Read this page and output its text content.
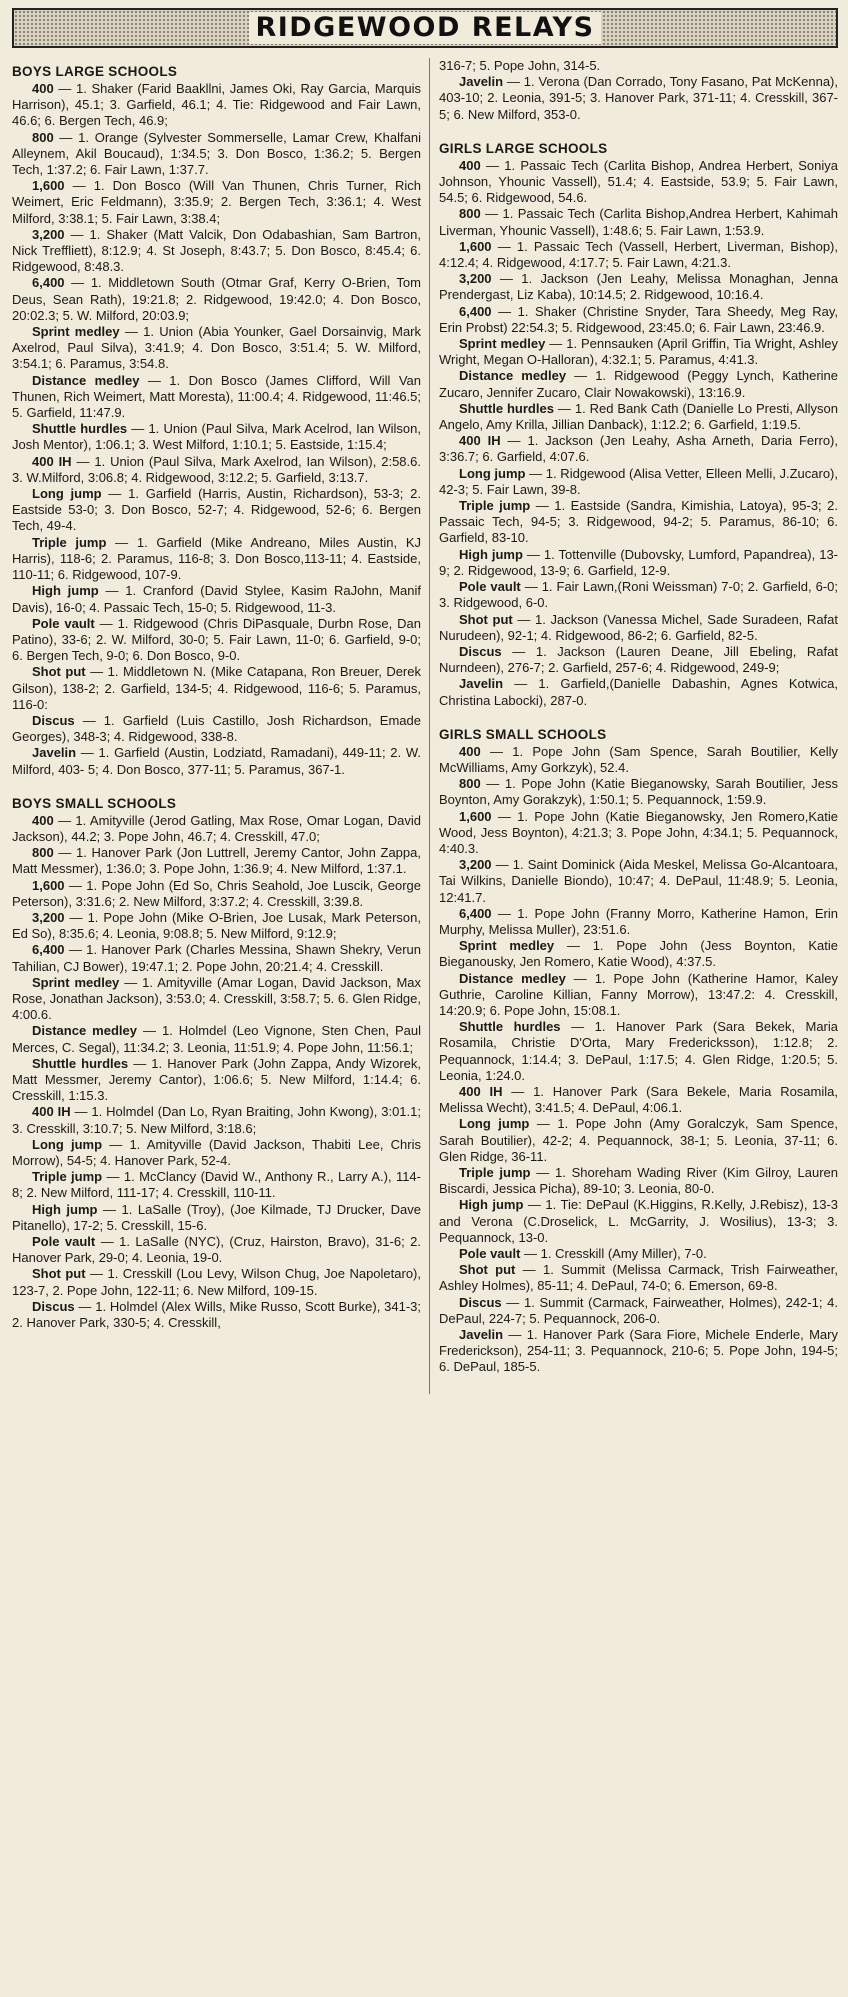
RIDGEWOOD RELAYS
BOYS LARGE SCHOOLS

400 — 1. Shaker (Farid Baakllni, James Oki, Ray Garcia, Marquis Harrison), 45.1; 3. Garfield, 46.1; 4. Tie: Ridgewood and Fair Lawn, 46.6; 6. Bergen Tech, 46.9;

800 — 1. Orange (Sylvester Sommerselle, Lamar Crew, Khalfani Alleynem, Akil Boucaud), 1:34.5; 3. Don Bosco, 1:36.2; 5. Bergen Tech, 1:37.2; 6. Fair Lawn, 1:37.7.

1,600 — 1. Don Bosco (Will Van Thunen, Chris Turner, Rich Weimert, Eric Feldmann), 3:35.9; 2. Bergen Tech, 3:36.1; 4. West Milford, 3:38.1; 5. Fair Lawn, 3:38.4;

3,200 — 1. Shaker (Matt Valcik, Don Odabashian, Sam Bartron, Nick Treffliett), 8:12.9; 4. St Joseph, 8:43.7; 5. Don Bosco, 8:45.4; 6. Ridgewood, 8:48.3.

6,400 — 1. Middletown South (Otmar Graf, Kerry O-Brien, Tom Deus, Sean Rath), 19:21.8; 2. Ridgewood, 19:42.0; 4. Don Bosco, 20:02.3; 5. W. Milford, 20:03.9;

Sprint medley — 1. Union (Abia Younker, Gael Dorsainvig, Mark Axelrod, Paul Silva), 3:41.9; 4. Don Bosco, 3:51.4; 5. W. Milford, 3:54.1; 6. Paramus, 3:54.8.

Distance medley — 1. Don Bosco (James Clifford, Will Van Thunen, Rich Weimert, Matt Moresta), 11:00.4; 4. Ridgewood, 11:46.5; 5. Garfield, 11:47.9.

Shuttle hurdles — 1. Union (Paul Silva, Mark Acelrod, Ian Wilson, Josh Mentor), 1:06.1; 3. West Milford, 1:10.1; 5. Eastside, 1:15.4;

400 IH — 1. Union (Paul Silva, Mark Axelrod, Ian Wilson), 2:58.6. 3. W.Milford, 3:06.8; 4. Ridgewood, 3:12.2; 5. Garfield, 3:13.7.

Long jump — 1. Garfield (Harris, Austin, Richardson), 53-3; 2. Eastside 53-0; 3. Don Bosco, 52-7; 4. Ridgewood, 52-6; 6. Bergen Tech, 49-4.

Triple jump — 1. Garfield (Mike Andreano, Miles Austin, KJ Harris), 118-6; 2. Paramus, 116-8; 3. Don Bosco,113-11; 4. Eastside, 110-11; 6. Ridgewood, 107-9.

High jump — 1. Cranford (David Stylee, Kasim RaJohn, Manif Davis), 16-0; 4. Passaic Tech, 15-0; 5. Ridgewood, 11-3.

Pole vault — 1. Ridgewood (Chris DiPasquale, Durbn Rose, Dan Patino), 33-6; 2. W. Milford, 30-0; 5. Fair Lawn, 11-0; 6. Garfield, 9-0; 6. Bergen Tech, 9-0; 6. Don Bosco, 9-0.

Shot put — 1. Middletown N. (Mike Catapana, Ron Breuer, Derek Gilson), 138-2; 2. Garfield, 134-5; 4. Ridgewood, 116-6; 5. Paramus, 116-0:

Discus — 1. Garfield (Luis Castillo, Josh Richardson, Emade Georges), 348-3; 4. Ridgewood, 338-8.

Javelin — 1. Garfield (Austin, Lodziatd, Ramadani), 449-11; 2. W. Milford, 403- 5; 4. Don Bosco, 377-11; 5. Paramus, 367-1.

BOYS SMALL SCHOOLS

400 — 1. Amityville (Jerod Gatling, Max Rose, Omar Logan, David Jackson), 44.2; 3. Pope John, 46.7; 4. Cresskill, 47.0;

800 — 1. Hanover Park (Jon Luttrell, Jeremy Cantor, John Zappa, Matt Messmer), 1:36.0; 3. Pope John, 1:36.9; 4. New Milford, 1:37.1.

1,600 — 1. Pope John (Ed So, Chris Seahold, Joe Luscik, George Peterson), 3:31.6; 2. New Milford, 3:37.2; 4. Cresskill, 3:39.8.

3,200 — 1. Pope John (Mike O-Brien, Joe Lusak, Mark Peterson, Ed So), 8:35.6; 4. Leonia, 9:08.8; 5. New Milford, 9:12.9;

6,400 — 1. Hanover Park (Charles Messina, Shawn Shekry, Verun Tahilian, CJ Bower), 19:47.1; 2. Pope John, 20:21.4; 4. Cresskill.

Sprint medley — 1. Amityville (Amar Logan, David Jackson, Max Rose, Jonathan Jackson), 3:53.0; 4. Cresskill, 3:58.7; 5. 6. Glen Ridge, 4:00.6.

Distance medley — 1. Holmdel (Leo Vignone, Sten Chen, Paul Merces, C. Segal), 11:34.2; 3. Leonia, 11:51.9; 4. Pope John, 11:56.1;

Shuttle hurdles — 1. Hanover Park (John Zappa, Andy Wizorek, Matt Messmer, Jeremy Cantor), 1:06.6; 5. New Milford, 1:14.4; 6. Cresskill, 1:15.3.

400 IH — 1. Holmdel (Dan Lo, Ryan Braiting, John Kwong), 3:01.1; 3. Cresskill, 3:10.7; 5. New Milford, 3:18.6;

Long jump — 1. Amityville (David Jackson, Thabiti Lee, Chris Morrow), 54-5; 4. Hanover Park, 52-4.

Triple jump — 1. McClancy (David W., Anthony R., Larry A.), 114-8; 2. New Milford, 111-17; 4. Cresskill, 110-11.

High jump — 1. LaSalle (Troy), (Joe Kilmade, TJ Drucker, Dave Pitanello), 17-2; 5. Cresskill, 15-6.

Pole vault — 1. LaSalle (NYC), (Cruz, Hairston, Bravo), 31-6; 2. Hanover Park, 29-0; 4. Leonia, 19-0.

Shot put — 1. Cresskill (Lou Levy, Wilson Chug, Joe Napoletaro), 123-7, 2. Pope John, 122-11; 6. New Milford, 109-15.

Discus — 1. Holmdel (Alex Wills, Mike Russo, Scott Burke), 341-3; 2. Hanover Park, 330-5; 4. Cresskill,

316-7; 5. Pope John, 314-5.

Javelin — 1. Verona (Dan Corrado, Tony Fasano, Pat McKenna), 403-10; 2. Leonia, 391-5; 3. Hanover Park, 371-11; 4. Cresskill, 367-5; 6. New Milford, 353-0.

GIRLS LARGE SCHOOLS

400 — 1. Passaic Tech (Carlita Bishop, Andrea Herbert, Soniya Johnson, Yhounic Vassell), 51.4; 4. Eastside, 53.9; 5. Fair Lawn, 54.5; 6. Ridgewood, 54.6.

800 — 1. Passaic Tech (Carlita Bishop,Andrea Herbert, Kahimah Liverman, Yhounic Vassell), 1:48.6; 5. Fair Lawn, 1:53.9.

1,600 — 1. Passaic Tech (Vassell, Herbert, Liverman, Bishop), 4:12.4; 4. Ridgewood, 4:17.7; 5. Fair Lawn, 4:21.3.

3,200 — 1. Jackson (Jen Leahy, Melissa Monaghan, Jenna Prendergast, Liz Kaba), 10:14.5; 2. Ridgewood, 10:16.4.

6,400 — 1. Shaker (Christine Snyder, Tara Sheedy, Meg Ray, Erin Probst) 22:54.3; 5. Ridgewood, 23:45.0; 6. Fair Lawn, 23:46.9.

Sprint medley — 1. Pennsauken (April Griffin, Tia Wright, Ashley Wright, Megan O-Halloran), 4:32.1; 5. Paramus, 4:41.3.

Distance medley — 1. Ridgewood (Peggy Lynch, Katherine Zucaro, Jennifer Zucaro, Clair Nowakowski), 13:16.9.

Shuttle hurdles — 1. Red Bank Cath (Danielle Lo Presti, Allyson Angelo, Amy Krilla, Jillian Danback), 1:12.2; 6. Garfield, 1:19.5.

400 IH — 1. Jackson (Jen Leahy, Asha Arneth, Daria Ferro), 3:36.7; 6. Garfield, 4:07.6.

Long jump — 1. Ridgewood (Alisa Vetter, Elleen Melli, J.Zucaro), 42-3; 5. Fair Lawn, 39-8.

Triple jump — 1. Eastside (Sandra, Kimishia, Latoya), 95-3; 2. Passaic Tech, 94-5; 3. Ridgewood, 94-2; 5. Paramus, 86-10; 6. Garfield, 83-10.

High jump — 1. Tottenville (Dubovsky, Lumford, Papandrea), 13-9; 2. Ridgewood, 13-9; 6. Garfield, 12-9.

Pole vault — 1. Fair Lawn,(Roni Weissman) 7-0; 2. Garfield, 6-0; 3. Ridgewood, 6-0.

Shot put — 1. Jackson (Vanessa Michel, Sade Suradeen, Rafat Nurudeen), 92-1; 4. Ridgewood, 86-2; 6. Garfield, 82-5.

Discus — 1. Jackson (Lauren Deane, Jill Ebeling, Rafat Nurndeen), 276-7; 2. Garfield, 257-6; 4. Ridgewood, 249-9;

Javelin — 1. Garfield,(Danielle Dabashin, Agnes Kotwica, Christina Labocki), 287-0.

GIRLS SMALL SCHOOLS

400 — 1. Pope John (Sam Spence, Sarah Boutilier, Kelly McWilliams, Amy Gorkzyk), 52.4.

800 — 1. Pope John (Katie Bieganowsky, Sarah Boutilier, Jess Boynton, Amy Gorakzyk), 1:50.1; 5. Pequannock, 1:59.9.

1,600 — 1. Pope John (Katie Bieganowsky, Jen Romero,Katie Wood, Jess Boynton), 4:21.3; 3. Pope John, 4:34.1; 5. Pequannock, 4:40.3.

3,200 — 1. Saint Dominick (Aida Meskel, Melissa Go-Alcantoara, Tai Wilkins, Danielle Biondo), 10:47; 4. DePaul, 11:48.9; 5. Leonia, 12:41.7.

6,400 — 1. Pope John (Franny Morro, Katherine Hamon, Erin Murphy, Melissa Muller), 23:51.6.

Sprint medley — 1. Pope John (Jess Boynton, Katie Bieganousky, Jen Romero, Katie Wood), 4:37.5.

Distance medley — 1. Pope John (Katherine Hamor, Kaley Guthrie, Caroline Killian, Fanny Morrow), 13:47.2: 4. Cresskill, 14:20.9; 6. Pope John, 15:08.1.

Shuttle hurdles — 1. Hanover Park (Sara Bekek, Maria Rosamila, Christie D'Orta, Mary Fredericksson), 1:12.8; 2. Pequannock, 1:14.4; 3. DePaul, 1:17.5; 4. Glen Ridge, 1:20.5; 5. Leonia, 1:24.0.

400 IH — 1. Hanover Park (Sara Bekele, Maria Rosamila, Melissa Wecht), 3:41.5; 4. DePaul, 4:06.1.

Long jump — 1. Pope John (Amy Goralczyk, Sam Spence, Sarah Boutilier), 42-2; 4. Pequannock, 38-1; 5. Leonia, 37-11; 6. Glen Ridge, 36-11.

Triple jump — 1. Shoreham Wading River (Kim Gilroy, Lauren Biscardi, Jessica Picha), 89-10; 3. Leonia, 80-0.

High jump — 1. Tie: DePaul (K.Higgins, R.Kelly, J.Rebisz), 13-3 and Verona (C.Droselick, L. McGarrity, J. Wosilius), 13-3; 3. Pequannock, 13-0.

Pole vault — 1. Cresskill (Amy Miller), 7-0.

Shot put — 1. Summit (Melissa Carmack, Trish Fairweather, Ashley Holmes), 85-11; 4. DePaul, 74-0; 6. Emerson, 69-8.

Discus — 1. Summit (Carmack, Fairweather, Holmes), 242-1; 4. DePaul, 224-7; 5. Pequannock, 206-0.

Javelin — 1. Hanover Park (Sara Fiore, Michele Enderle, Mary Frederickson), 254-11; 3. Pequannock, 210-6; 5. Pope John, 194-5; 6. DePaul, 185-5.
